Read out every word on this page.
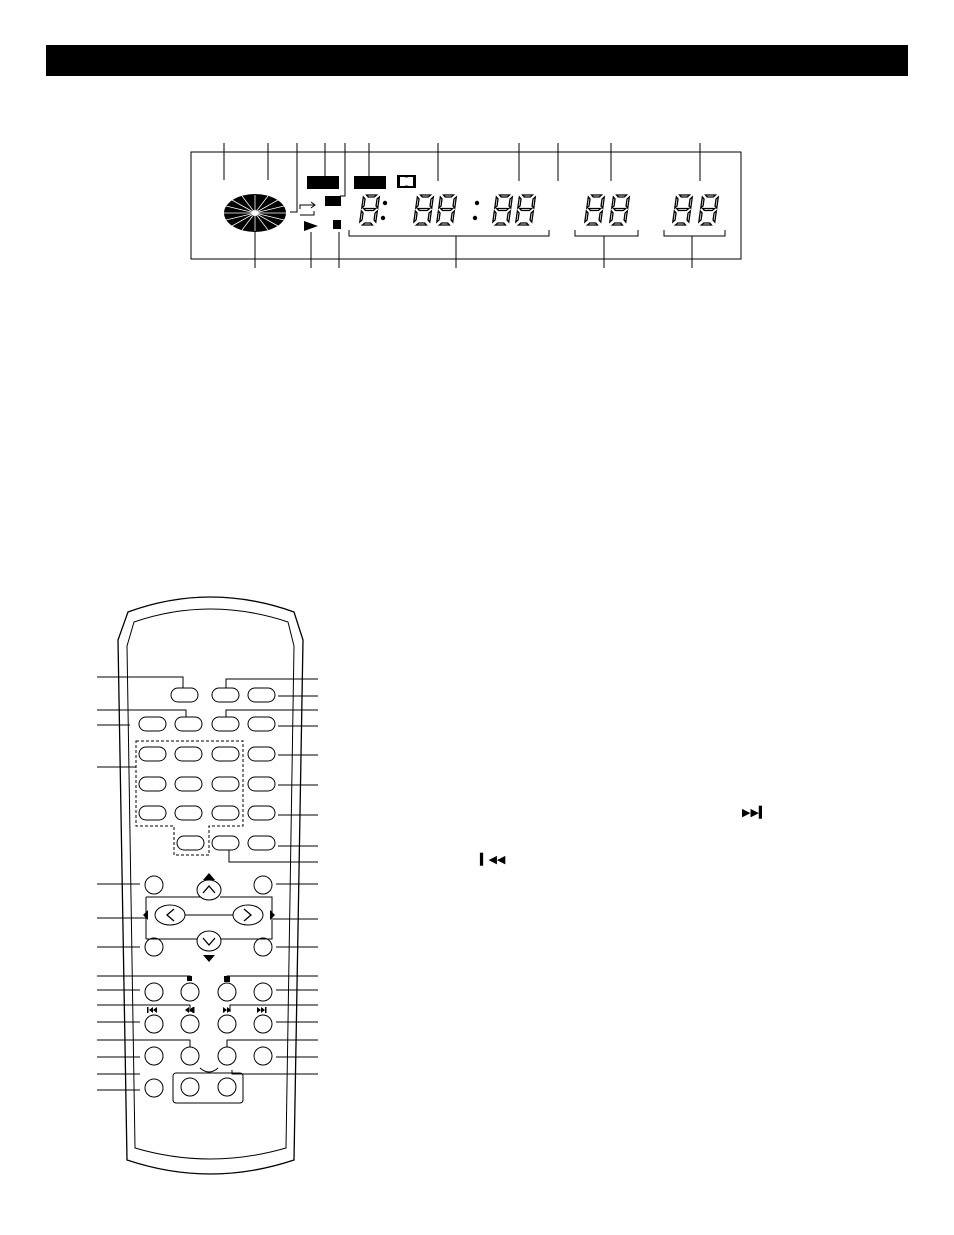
▶▶▍
▍◀◀
